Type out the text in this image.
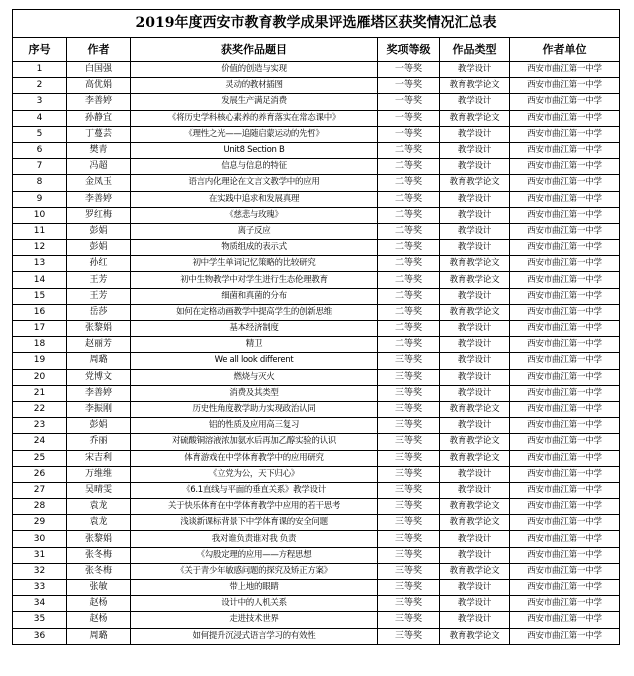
2019年度西安市教育教学成果评选雁塔区获奖情况汇总表					
序号	作者	获奖作品题目	奖项等级	作品类型	作者单位
1	白国强	价值的创造与实现	一等奖	教学设计	西安市曲江第一中学
2	高优娟	灵动的教材插图	一等奖	教育教学论文	西安市曲江第一中学
3	李善婷	发展生产满足消费	一等奖	教学设计	西安市曲江第一中学
4	孙静宜	《将历史学科核心素养的养育落实在常态课中》	一等奖	教育教学论文	西安市曲江第一中学
5	丁蔓芸	《理性之光——追随启蒙运动的先哲》	一等奖	教学设计	西安市曲江第一中学
6	樊青	Unit8 Section B	二等奖	教学设计	西安市曲江第一中学
7	冯超	信息与信息的特征	二等奖	教学设计	西安市曲江第一中学
8	金凤玉	语言内化理论在文言文教学中的应用	二等奖	教育教学论文	西安市曲江第一中学
9	李善婷	在实践中追求和发展真理	二等奖	教学设计	西安市曲江第一中学
10	罗红梅	《慈悲与玫瑰》	二等奖	教学设计	西安市曲江第一中学
11	彭娟	离子反应	二等奖	教学设计	西安市曲江第一中学
12	彭娟	物质组成的表示式	二等奖	教学设计	西安市曲江第一中学
13	孙红	初中学生单词记忆策略的比较研究	二等奖	教育教学论文	西安市曲江第一中学
14	王芳	初中生物教学中对学生进行生态伦理教育	二等奖	教育教学论文	西安市曲江第一中学
15	王芳	细菌和真菌的分布	二等奖	教学设计	西安市曲江第一中学
16	岳莎	如何在定格动画教学中提高学生的创新思维	二等奖	教育教学论文	西安市曲江第一中学
17	张黎娟	基本经济制度	二等奖	教学设计	西安市曲江第一中学
18	赵丽芳	精卫	二等奖	教学设计	西安市曲江第一中学
19	周璐	We all look different	三等奖	教学设计	西安市曲江第一中学
20	党博文	燃烧与灭火	三等奖	教学设计	西安市曲江第一中学
21	李善婷	消费及其类型	三等奖	教学设计	西安市曲江第一中学
22	李振刚	历史性角度教学助力实现政治认同	三等奖	教育教学论文	西安市曲江第一中学
23	彭娟	铝的性质及应用高三复习	三等奖	教学设计	西安市曲江第一中学
24	乔丽	对硫酸铜溶液浓加氨水后再加乙醇实验的认识	三等奖	教育教学论文	西安市曲江第一中学
25	宋吉利	体育游戏在中学体育教学中的应用研究	三等奖	教育教学论文	西安市曲江第一中学
26	万维维	《立党为公，天下归心》	三等奖	教学设计	西安市曲江第一中学
27	吴晴雯	《6.1直线与平面的垂直关系》教学设计	三等奖	教学设计	西安市曲江第一中学
28	袁龙	关于快乐体育在中学体育教学中应用的若干思考	三等奖	教育教学论文	西安市曲江第一中学
29	袁龙	浅谈新课标背景下中学体育课的安全问题	三等奖	教育教学论文	西安市曲江第一中学
30	张黎娟	我对谁负责谁对我 负责	三等奖	教学设计	西安市曲江第一中学
31	张冬梅	《勾股定理的应用——方程思想	三等奖	教学设计	西安市曲江第一中学
32	张冬梅	《关于青少年敏感问题的探究及矫正方案》	三等奖	教育教学论文	西安市曲江第一中学
33	张敏	带上地的眼睛	三等奖	教学设计	西安市曲江第一中学
34	赵杨	设计中的人机关系	三等奖	教学设计	西安市曲江第一中学
35	赵杨	走进技术世界	三等奖	教学设计	西安市曲江第一中学
36	周璐	如何提升沉浸式语言学习的有效性	三等奖	教育教学论文	西安市曲江第一中学
